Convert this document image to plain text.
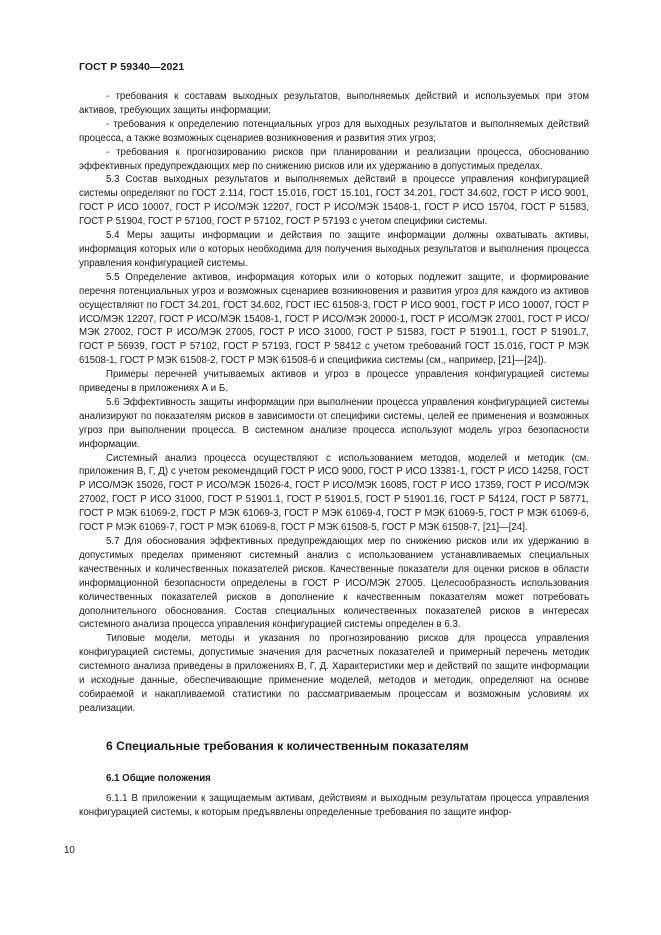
ГОСТ Р 59340—2021

- требования к составам выходных результатов, выполняемых действий и используемых при этом активов, требующих защиты информации;

- требования к определению потенциальных угроз для выходных результатов и выполняемых действий процесса, а также возможных сценариев возникновения и развития этих угроз;

- требования к прогнозированию рисков при планировании и реализации процесса, обоснованию эффективных предупреждающих мер по снижению рисков или их удержанию в допустимых пределах.

5.3 Состав выходных результатов и выполняемых действий в процессе управления конфигурацией системы определяют по ГОСТ 2.114, ГОСТ 15.016, ГОСТ 15.101, ГОСТ 34.201, ГОСТ 34.602, ГОСТ Р ИСО 9001, ГОСТ Р ИСО 10007, ГОСТ Р ИСО/МЭК 12207, ГОСТ Р ИСО/МЭК 15408-1, ГОСТ Р ИСО 15704, ГОСТ Р 51583, ГОСТ Р 51904, ГОСТ Р 57100, ГОСТ Р 57102, ГОСТ Р 57193 с учетом специфики системы.

5.4 Меры защиты информации и действия по защите информации должны охватывать активы, информация которых или о которых необходима для получения выходных результатов и выполнения процесса управления конфигурацией системы.

5.5 Определение активов, информация которых или о которых подлежит защите, и формирование перечня потенциальных угроз и возможных сценариев возникновения и развития угроз для каждого из активов осуществляют по ГОСТ 34.201, ГОСТ 34.602, ГОСТ IEC 61508-3, ГОСТ Р ИСО 9001, ГОСТ Р ИСО 10007, ГОСТ Р ИСО/МЭК 12207, ГОСТ Р ИСО/МЭК 15408-1, ГОСТ Р ИСО/МЭК 20000-1, ГОСТ Р ИСО/МЭК 27001, ГОСТ Р ИСО/МЭК 27002, ГОСТ Р ИСО/МЭК 27005, ГОСТ Р ИСО 31000, ГОСТ Р 51583, ГОСТ Р 51901.1, ГОСТ Р 51901.7, ГОСТ Р 56939, ГОСТ Р 57102, ГОСТ Р 57193, ГОСТ Р 58412 с учетом требований ГОСТ 15.016, ГОСТ Р МЭК 61508-1, ГОСТ Р МЭК 61508-2, ГОСТ Р МЭК 61508-6 и спецификиа системы (см., например, [21]—[24]).

Примеры перечней учитываемых активов и угроз в процессе управления конфигурацией системы приведены в приложениях А и Б.

5.6 Эффективность защиты информации при выполнении процесса управления конфигурацией системы анализируют по показателям рисков в зависимости от специфики системы, целей ее применения и возможных угроз при выполнении процесса. В системном анализе процесса используют модель угроз безопасности информации.

Системный анализ процесса осуществляют с использованием методов, моделей и методик (см. приложения В, Г, Д) с учетом рекомендаций ГОСТ Р ИСО 9000, ГОСТ Р ИСО 13381-1, ГОСТ Р ИСО 14258, ГОСТ Р ИСО/МЭК 15026, ГОСТ Р ИСО/МЭК 15026-4, ГОСТ Р ИСО/МЭК 16085, ГОСТ Р ИСО 17359, ГОСТ Р ИСО/МЭК 27002, ГОСТ Р ИСО 31000, ГОСТ Р 51901.1, ГОСТ Р 51901.5, ГОСТ Р 51901.16, ГОСТ Р 54124, ГОСТ Р 58771, ГОСТ Р МЭК 61069-2, ГОСТ Р МЭК 61069-3, ГОСТ Р МЭК 61069-4, ГОСТ Р МЭК 61069-5, ГОСТ Р МЭК 61069-6, ГОСТ Р МЭК 61069-7, ГОСТ Р МЭК 61069-8, ГОСТ Р МЭК 61508-5, ГОСТ Р МЭК 61508-7, [21]—[24].

5.7 Для обоснования эффективных предупреждающих мер по снижению рисков или их удержанию в допустимых пределах применяют системный анализ с использованием устанавливаемых специальных качественных и количественных показателей рисков. Качественные показатели для оценки рисков в области информационной безопасности определены в ГОСТ Р ИСО/МЭК 27005. Целесообразность использования количественных показателей рисков в дополнение к качественным показателям может потребовать дополнительного обоснования. Состав специальных количественных показателей рисков в интересах системного анализа процесса управления конфигурацией системы определен в 6.3.

Типовые модели, методы и указания по прогнозированию рисков для процесса управления конфигурацией системы, допустимые значения для расчетных показателей и примерный перечень методик системного анализа приведены в приложениях В, Г, Д. Характеристики мер и действий по защите информации и исходные данные, обеспечивающие применение моделей, методов и методик, определяют на основе собираемой и накапливаемой статистики по рассматриваемым процессам и возможным условиям их реализации.

6 Специальные требования к количественным показателям

6.1 Общие положения

6.1.1 В приложении к защищаемым активам, действиям и выходным результатам процесса управления конфигурацией системы, к которым предъявлены определенные требования по защите инфор-

10
